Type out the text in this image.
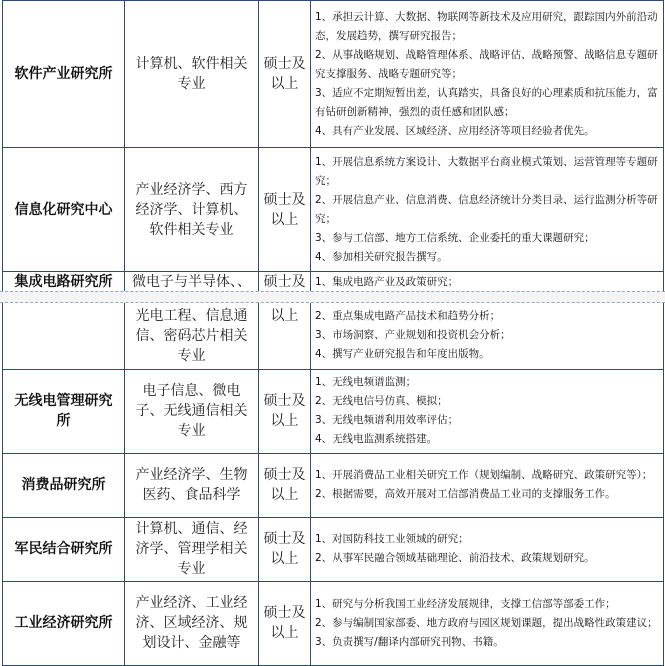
软件产业研究所	计算机、软件相关专业	硕士及以上	1、承担云计算、大数据、物联网等新技术及应用研究，跟踪国内外前沿动态，发展趋势，撰写研究报告；
2、从事战略规划、战略管理体系、战略评估、战略预警、战略信息专题研究支撑服务、战略专题研究等；
3、适应不定期短暂出差，认真踏实，具备良好的心理素质和抗压能力，富有钻研创新精神，强烈的责任感和团队感；
4、具有产业发展、区域经济、应用经济等项目经验者优先。

信息化研究中心	产业经济学、西方经济学、计算机、软件相关专业	硕士及以上	1、开展信息系统方案设计、大数据平台商业模式策划、运营管理等专题研究；
2、开展信息产业、信息消费、信息经济统计分类目录、运行监测分析等研究；
3、参与工信部、地方工信系统、企业委托的重大课题研究；
4、参加相关研究报告撰写。

集成电路研究所	微电子与半导体、、	硕士及	1、集成电路产业及政策研究；
	光电工程、信息通信、密码芯片相关专业	以上	2、重点集成电路产品技术和趋势分析；
3、市场洞察、产业规划和投资机会分析；
4、撰写产业研究报告和年度出版物。

无线电管理研究所	电子信息、微电子、无线通信相关专业	硕士及以上	1、无线电频谱监测；
2、无线电信号仿真、模拟；
3、无线电频谱利用效率评估；
4、无线电监测系统搭建。

消费品研究所	产业经济学、生物医药、食品科学	硕士及以上	1、开展消费品工业相关研究工作（规划编制、战略研究、政策研究等）；
2、根据需要，高效开展对工信部消费品工业司的支撑服务工作。

军民结合研究所	计算机、通信、经济学、管理学相关专业	硕士及以上	1、对国防科技工业领域的研究；
2、从事军民融合领域基础理论、前沿技术、政策规划研究。

工业经济研究所	产业经济、工业经济、区域经济、规划设计、金融等	硕士及以上	1、研究与分析我国工业经济发展规律，支撑工信部等部委工作；
2、参与编制国家部委、地方政府与园区规划课题，提出战略性政策建议；
3、负责撰写/翻译内部研究刊物、书籍。
